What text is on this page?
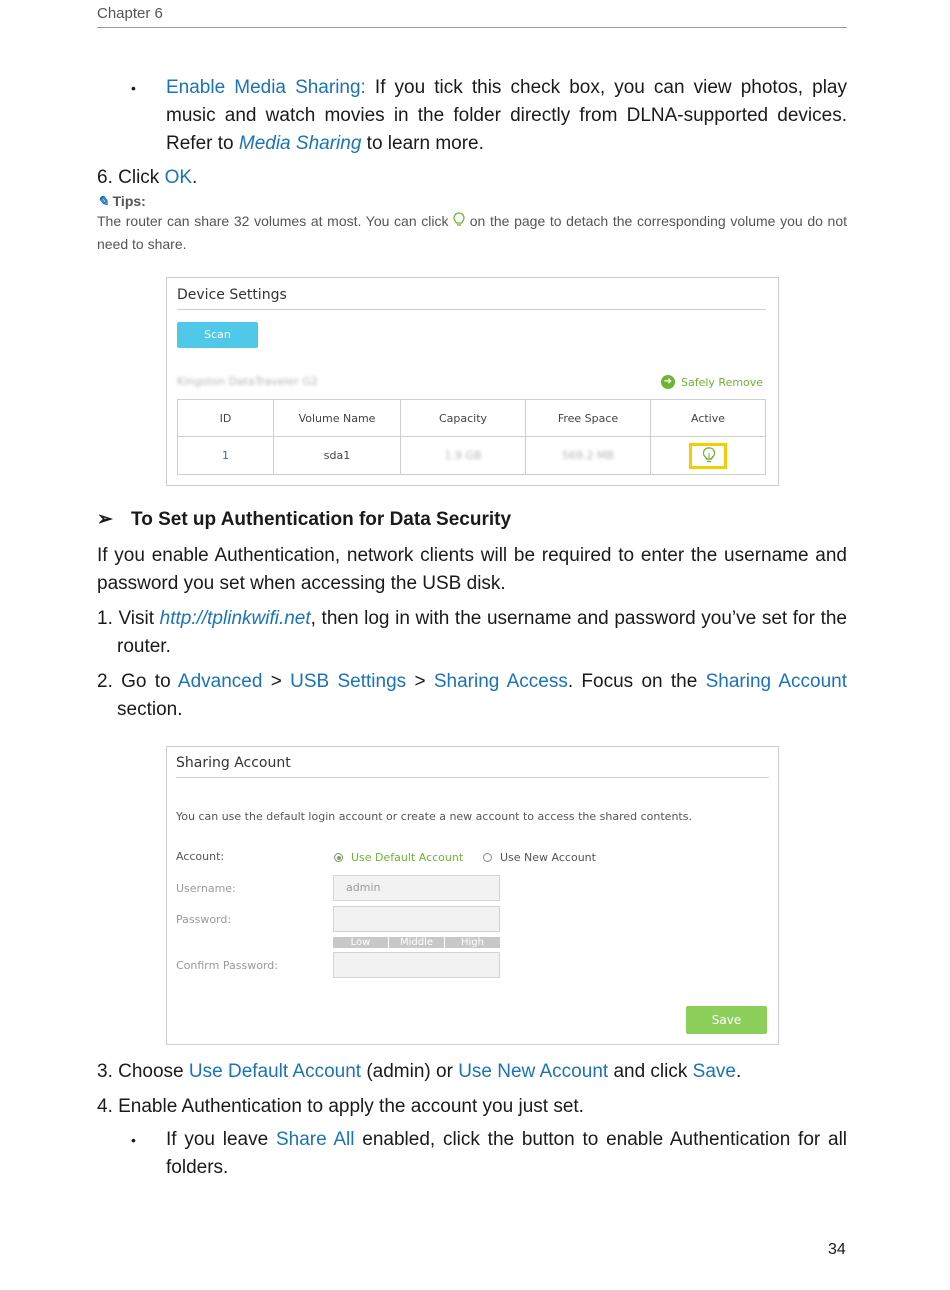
Chapter 6
• Enable Media Sharing: If you tick this check box, you can view photos, play music and watch movies in the folder directly from DLNA-supported devices. Refer to Media Sharing to learn more.
6. Click OK.
✎ Tips:
The router can share 32 volumes at most. You can click  on the page to detach the corresponding volume you do not need to share.
Device Settings
Scan
Kingston DataTraveler G2	➜ Safely Remove
ID	Volume Name	Capacity	Free Space	Active
1	sda1	1.9 GB	569.2 MB	
➢ To Set up Authentication for Data Security
If you enable Authentication, network clients will be required to enter the username and password you set when accessing the USB disk.
1. Visit http://tplinkwifi.net, then log in with the username and password you’ve set for the router.
2. Go to Advanced > USB Settings > Sharing Access. Focus on the Sharing Account section.
Sharing Account
You can use the default login account or create a new account to access the shared contents.
Account:	Use Default Account	Use New Account
Username:	admin
Password:
Low	Middle	High
Confirm Password:
Save
3. Choose Use Default Account (admin) or Use New Account and click Save.
4. Enable Authentication to apply the account you just set.
• If you leave Share All enabled, click the button to enable Authentication for all folders.
34
